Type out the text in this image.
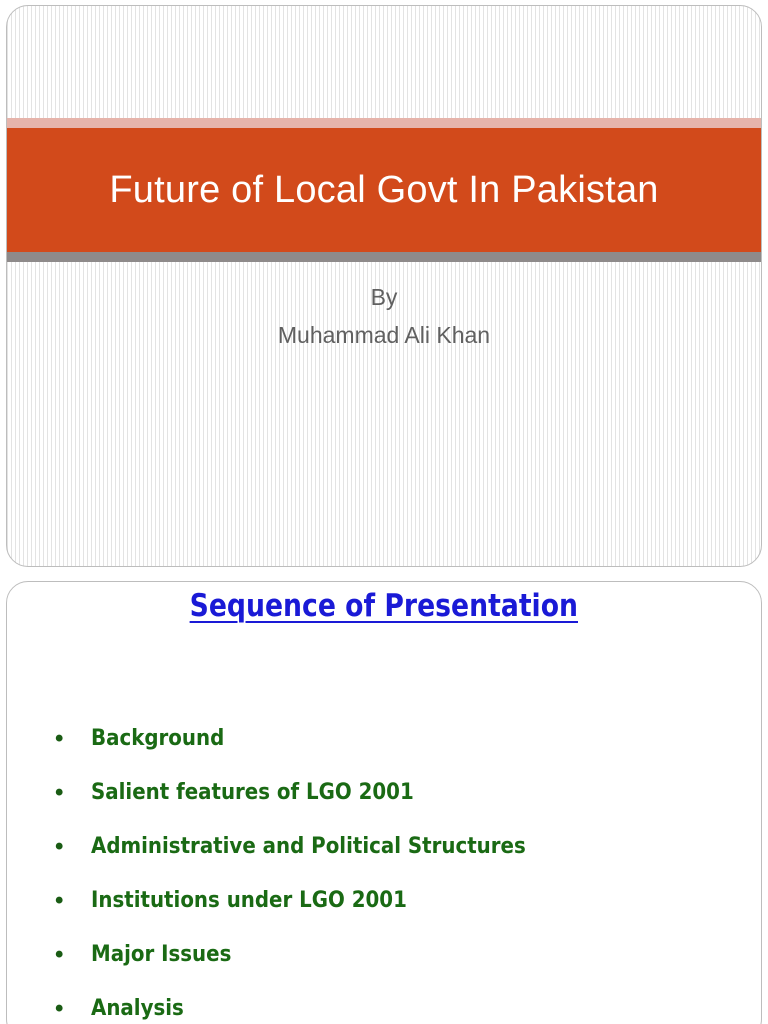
Future of Local Govt In Pakistan
By
Muhammad Ali Khan
Sequence of Presentation
•	Background
•	Salient features of LGO 2001
•	Administrative and Political Structures
•	Institutions under LGO 2001
•	Major Issues
•	Analysis
